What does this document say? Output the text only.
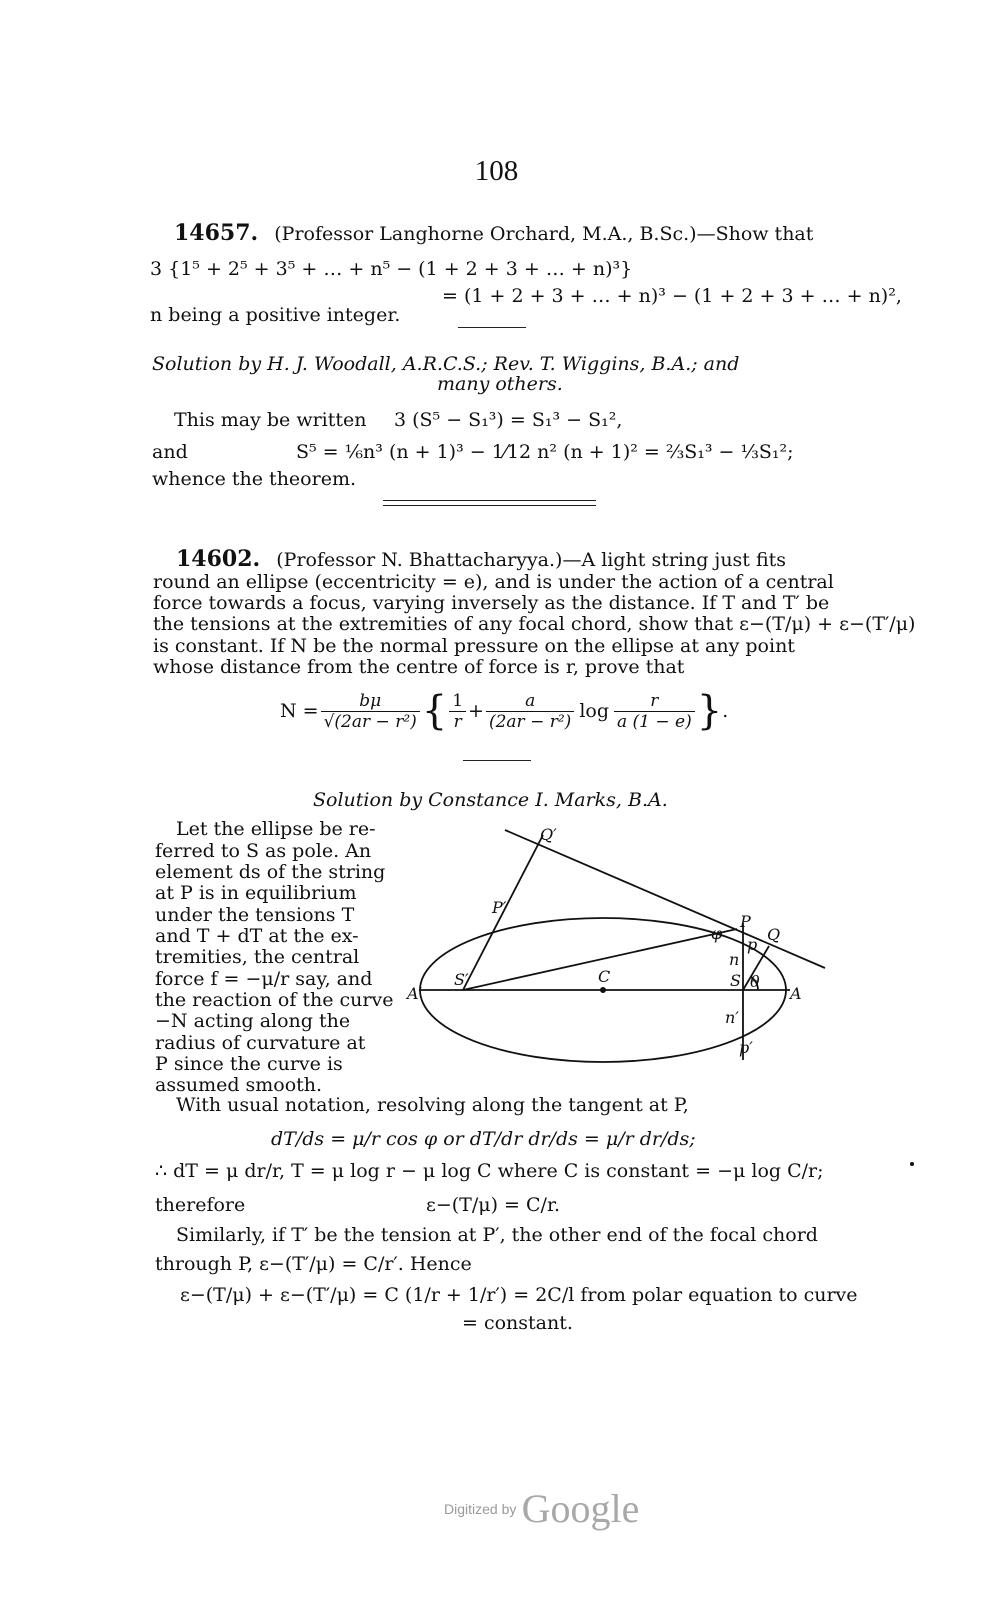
108
14657. (Professor Langhorne Orchard, M.A., B.Sc.)—Show that
3 {1⁵ + 2⁵ + 3⁵ + … + n⁵ − (1 + 2 + 3 + … + n)³}
= (1 + 2 + 3 + … + n)³ − (1 + 2 + 3 + … + n)²,
n being a positive integer.
Solution by H. J. Woodall, A.R.C.S.; Rev. T. Wiggins, B.A.; and
many others.
This may be written 3 (S⁵ − S₁³) = S₁³ − S₁²,
and	S⁵ = ⅙n³ (n + 1)³ − 1⁄12 n² (n + 1)² = ⅔S₁³ − ⅓S₁²;
whence the theorem.
14602. (Professor N. Bhattacharyya.)—A light string just fits
round an ellipse (eccentricity = e), and is under the action of a central
force towards a focus, varying inversely as the distance. If T and T′ be
the tensions at the extremities of any focal chord, show that ε−(T/μ) + ε−(T′/μ)
is constant. If N be the normal pressure on the ellipse at any point
whose distance from the centre of force is r, prove that
$N = \frac{b\mu}{\text{√(2ar − r²)}}$ { $\frac{1}{r} + \frac{a}{\text{(2ar − r²)}}$ $\log \frac{r}{a (1 - e)}$ } .
Solution by Constance I. Marks, B.A.
Let the ellipse be re-
ferred to S as pole. An
element ds of the string
at P is in equilibrium
under the tensions T
and T + dT at the ex-
tremities, the central
force f = −μ/r say, and
the reaction of the curve
−N acting along the
radius of curvature at
P since the curve is
assumed smooth.
Q′
P′
P
Q
φ
n
p
S′	C	S θ
A′	A
n′
p′
With usual notation, resolving along the tangent at P,
dT/ds = μ/r cos φ or dT/dr dr/ds = μ/r dr/ds;
∴ dT = μ dr/r, T = μ log r − μ log C where C is constant = −μ log C/r;
therefore	ε−(T/μ) = C/r.
Similarly, if T′ be the tension at P′, the other end of the focal chord
through P, ε−(T′/μ) = C/r′. Hence
ε−(T/μ) + ε−(T′/μ) = C (1/r + 1/r′) = 2C/l from polar equation to curve
= constant.
Digitized by Google
